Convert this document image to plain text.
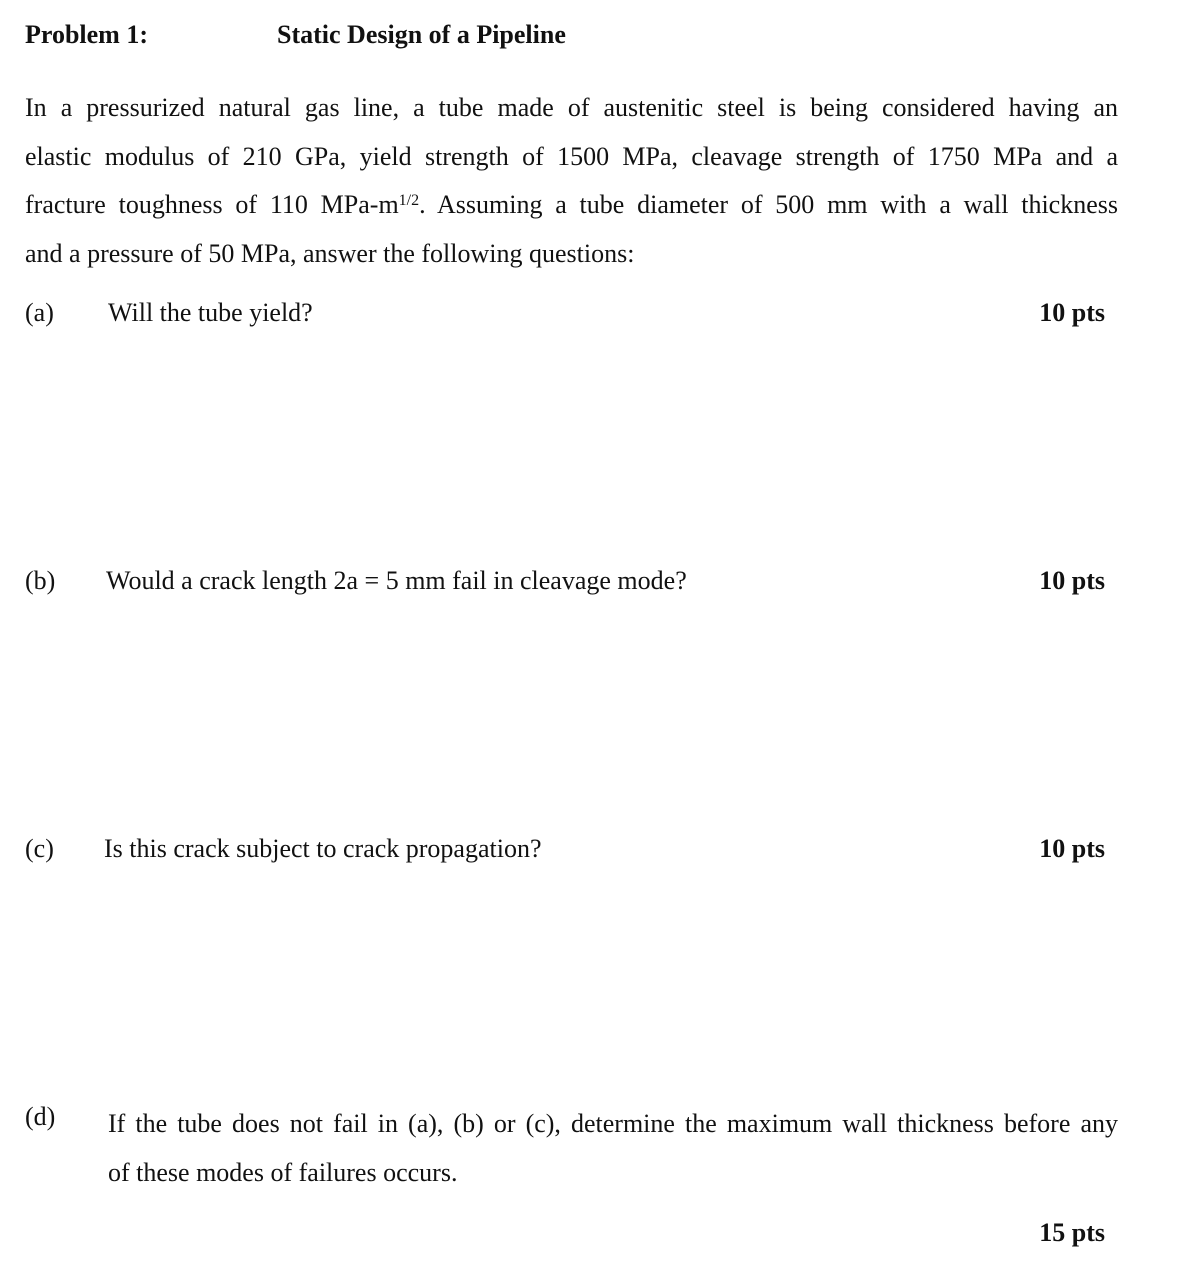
Problem 1:	Static Design of a Pipeline
In a pressurized natural gas line, a tube made of austenitic steel is being considered having an
elastic modulus of 210 GPa, yield strength of 1500 MPa, cleavage strength of 1750 MPa and a
fracture toughness of 110 MPa-$m^{1/2}$. Assuming a tube diameter of 500 mm with a wall thickness
and a pressure of 50 MPa, answer the following questions:
(a) Will the tube yield?	10 pts
(b) Would a crack length 2a = 5 mm fail in cleavage mode?	10 pts
(c) Is this crack subject to crack propagation?	10 pts
(d) If the tube does not fail in (a), (b) or (c), determine the maximum wall thickness before any
of these modes of failures occurs.
15 pts
